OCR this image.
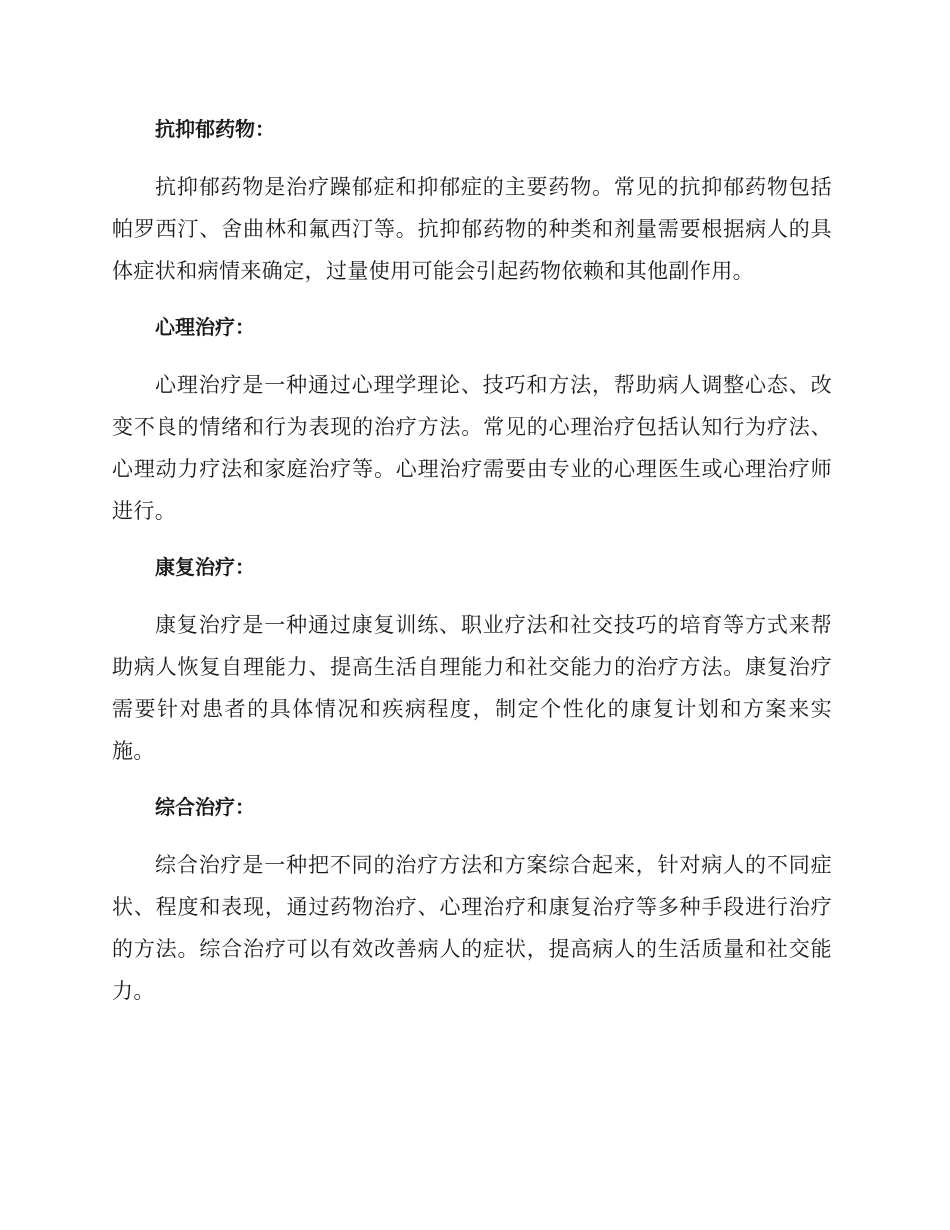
抗抑郁药物：

抗抑郁药物是治疗躁郁症和抑郁症的主要药物。常见的抗抑郁药物包括帕罗西汀、舍曲林和氟西汀等。抗抑郁药物的种类和剂量需要根据病人的具体症状和病情来确定，过量使用可能会引起药物依赖和其他副作用。

心理治疗：

心理治疗是一种通过心理学理论、技巧和方法，帮助病人调整心态、改变不良的情绪和行为表现的治疗方法。常见的心理治疗包括认知行为疗法、心理动力疗法和家庭治疗等。心理治疗需要由专业的心理医生或心理治疗师进行。

康复治疗：

康复治疗是一种通过康复训练、职业疗法和社交技巧的培育等方式来帮助病人恢复自理能力、提高生活自理能力和社交能力的治疗方法。康复治疗需要针对患者的具体情况和疾病程度，制定个性化的康复计划和方案来实施。

综合治疗：

综合治疗是一种把不同的治疗方法和方案综合起来，针对病人的不同症状、程度和表现，通过药物治疗、心理治疗和康复治疗等多种手段进行治疗的方法。综合治疗可以有效改善病人的症状，提高病人的生活质量和社交能力。
